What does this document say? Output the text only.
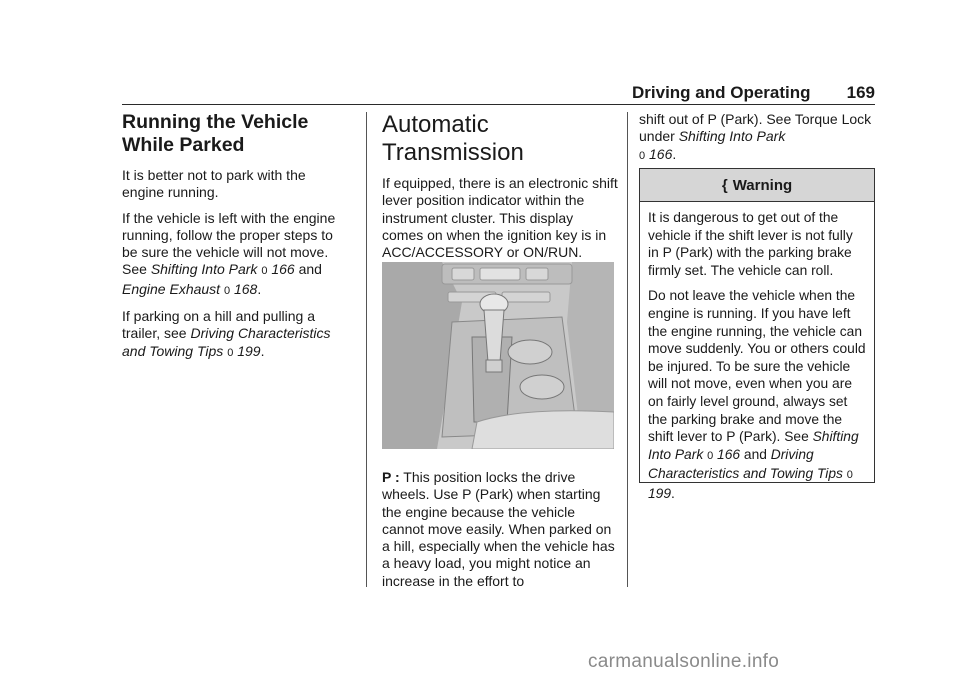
Driving and Operating 169
Running the Vehicle While Parked

It is better not to park with the engine running.

If the vehicle is left with the engine running, follow the proper steps to be sure the vehicle will not move. See Shifting Into Park 0 166 and Engine Exhaust 0 168.

If parking on a hill and pulling a trailer, see Driving Characteristics and Towing Tips 0 199.

Automatic Transmission

If equipped, there is an electronic shift lever position indicator within the instrument cluster. This display comes on when the ignition key is in ACC/ACCESSORY or ON/RUN.

P : This position locks the drive wheels. Use P (Park) when starting the engine because the vehicle cannot move easily. When parked on a hill, especially when the vehicle has a heavy load, you might notice an increase in the effort to

shift out of P (Park). See Torque Lock under Shifting Into Park
0 166.

{ Warning

It is dangerous to get out of the vehicle if the shift lever is not fully in P (Park) with the parking brake firmly set. The vehicle can roll.

Do not leave the vehicle when the engine is running. If you have left the engine running, the vehicle can move suddenly. You or others could be injured. To be sure the vehicle will not move, even when you are on fairly level ground, always set the parking brake and move the shift lever to P (Park). See Shifting Into Park 0 166 and Driving Characteristics and Towing Tips 0 199.

carmanualsonline.info
